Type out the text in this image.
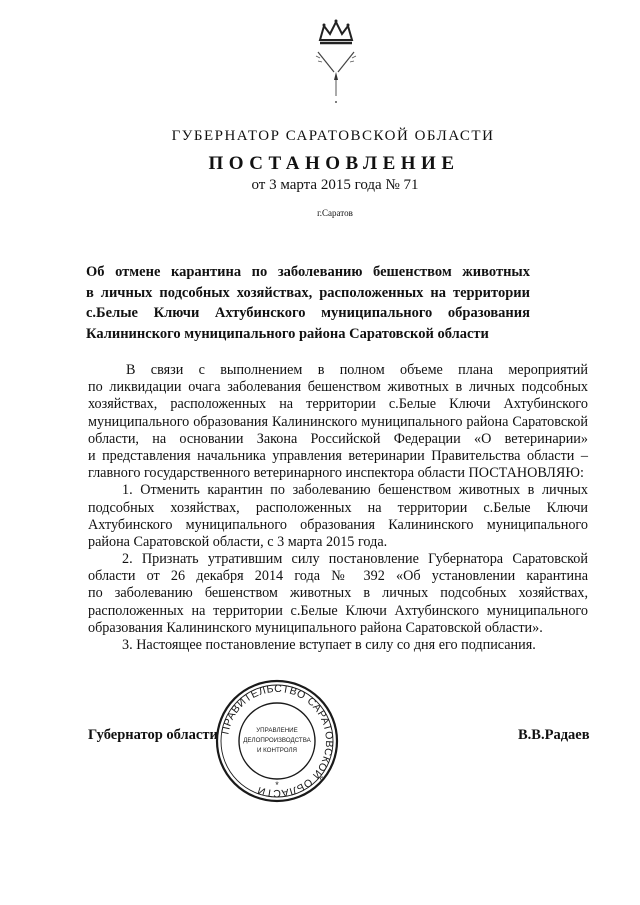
ГУБЕРНАТОР САРАТОВСКОЙ ОБЛАСТИ
ПОСТАНОВЛЕНИЕ
от 3 марта 2015 года № 71
г.Саратов
Об отмене карантина по заболеванию бешенством животных
в личных подсобных хозяйствах, расположенных на территории
с.Белые Ключи Ахтубинского муниципального образования
Калининского муниципального района Саратовской области
В связи с выполнением в полном объеме плана мероприятий
по ликвидации очага заболевания бешенством животных в личных подсобных
хозяйствах, расположенных на территории с.Белые Ключи Ахтубинского
муниципального образования Калининского муниципального района Саратовской
области, на основании Закона Российской Федерации «О ветеринарии»
и представления начальника управления ветеринарии Правительства области –
главного государственного ветеринарного инспектора области ПОСТАНОВЛЯЮ:
1. Отменить карантин по заболеванию бешенством животных в личных
подсобных хозяйствах, расположенных на территории с.Белые Ключи
Ахтубинского муниципального образования Калининского муниципального
района Саратовской области, с 3 марта 2015 года.
2. Признать утратившим силу постановление Губернатора Саратовской
области от 26 декабря 2014 года № 392 «Об установлении карантина
по заболеванию бешенством животных в личных подсобных хозяйствах,
расположенных на территории с.Белые Ключи Ахтубинского муниципального
образования Калининского муниципального района Саратовской области».
3. Настоящее постановление вступает в силу со дня его подписания.
Губернатор области	В.В.Радаев
ПРАВИТЕЛЬСТВО САРАТОВСКОЙ ОБЛАСТИ
УПРАВЛЕНИЕ
ДЕЛОПРОИЗВОДСТВА
И КОНТРОЛЯ
*
